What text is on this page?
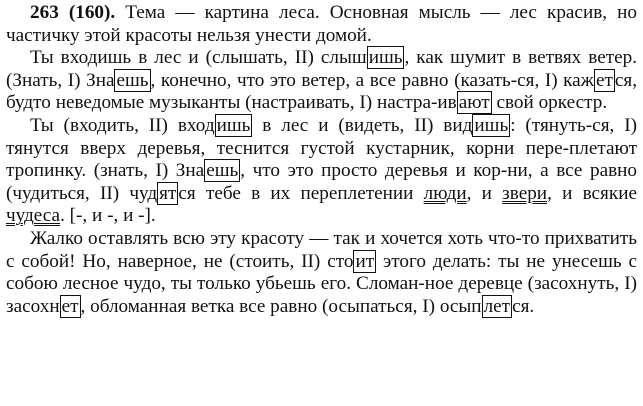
263 (160). Тема — картина леса. Основная мысль — лес красив, но частичку этой красоты нельзя унести домой.

Ты входишь в лес и (слышать, II) слыш ишь , как шумит в ветвях ветер. (Знать, I) Зна ешь , конечно, что это ветер, а все равно (казать-ся, I) каж ет ся, будто неведомые музыканты (настраивать, I) настра-ив ают свой оркестр.

Ты (входить, II) вход ишь в лес и (видеть, II) вид ишь : (тянуть-ся, I) тянутся вверх деревья, теснится густой кустарник, корни пере-плетают тропинку. (знать, I) Зна ешь , что это просто деревья и кор-ни, а все равно (чудиться, II) чуд ят ся тебе в их переплетении люди, и звери, и всякие чудеса. [-, и -, и -].

Жалко оставлять всю эту красоту — так и хочется хоть что-то прихватить с собой! Но, наверное, не (стоить, II) сто ит этого делать: ты не унесешь с собою лесное чудо, ты только убьешь его. Сломан-ное деревце (засохнуть, I) засохн ет , обломанная ветка все равно (осыпаться, I) осып лет ся.
